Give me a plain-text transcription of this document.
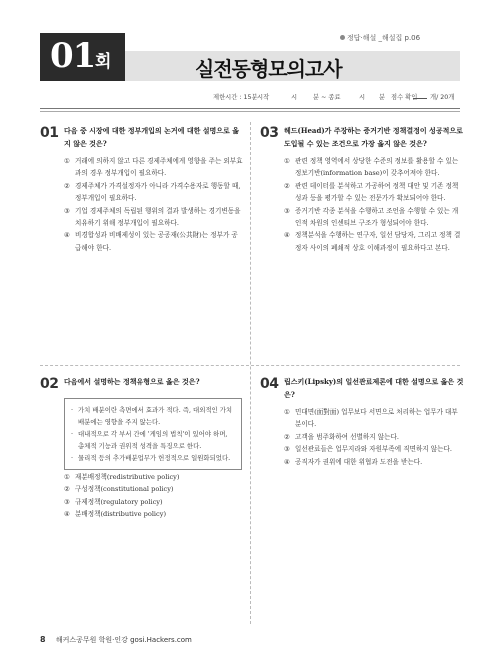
01 회	실전동형모의고사
정답·해설 _해설집 p.06
제한시간 : 15분 시작	시	분 ~ 종료	시 분 점수 확인 개/ 20개
01 다음 중 시장에 대한 정부개입의 논거에 대한 설명으로 옳지 않은 것은?
① 거래에 의하지 않고 다른 경제주체에게 영향을 주는 외부효과의 경우 정부개입이 필요하다.
② 경제주체가 가격설정자가 아니라 가격수용자로 행동할 때, 정부개입이 필요하다.
③ 기업 경제주체의 독립된 행위의 결과 발생하는 경기변동을 치유하기 위해 정부개입이 필요하다.
④ 비경합성과 비배제성이 있는 공공재(公共財)는 정부가 공급해야 한다.
03 헤드(Head)가 주장하는 증거기반 정책결정이 성공적으로 도입될 수 있는 조건으로 가장 옳지 않은 것은?
① 관련 정책 영역에서 상당한 수준의 정보를 활용할 수 있는 정보기반(information base)이 갖추어져야 한다.
② 관련 데이터를 분석하고 가공하여 정책 대안 및 기존 정책성과 등을 평가할 수 있는 전문가가 확보되어야 한다.
③ 증거기반 각종 분석을 수행하고 조언을 수행할 수 있는 개인적 차원의 인센티브 구조가 형성되어야 한다.
④ 정책분석을 수행하는 연구자, 일선 담당자, 그리고 정책 결정자 사이의 폐쇄적 상호 이해과정이 필요하다고 본다.
02 다음에서 설명하는 정책유형으로 옳은 것은?
· 가치 배분이란 측면에서 효과가 적다. 즉, 대외적인 가치 배분에는 영향을 주지 않는다.
· 대내적으로 각 부서 간에 '게임의 법칙'이 있어야 하며, 총체적 기능과 권위적 성격을 특징으로 한다.
· 물리적 등의 추가배분업무가 헌정적으로 일원화되었다.
① 재분배정책(redistributive policy)
② 구성정책(constitutional policy)
③ 규제정책(regulatory policy)
④ 분배정책(distributive policy)
04 립스키(Lipsky)의 일선관료제론에 대한 설명으로 옳은 것은?
① 민대면(面對面) 업무보다 서면으로 처리하는 업무가 대부분이다.
② 고객을 범주화하여 선별하지 않는다.
③ 일선관료들은 업무지라와 자원부족에 직면하지 않는다.
④ 공직자가 권위에 대한 위협과 도전을 받는다.
8 해커스공무원 학원·인강 gosi.Hackers.com
